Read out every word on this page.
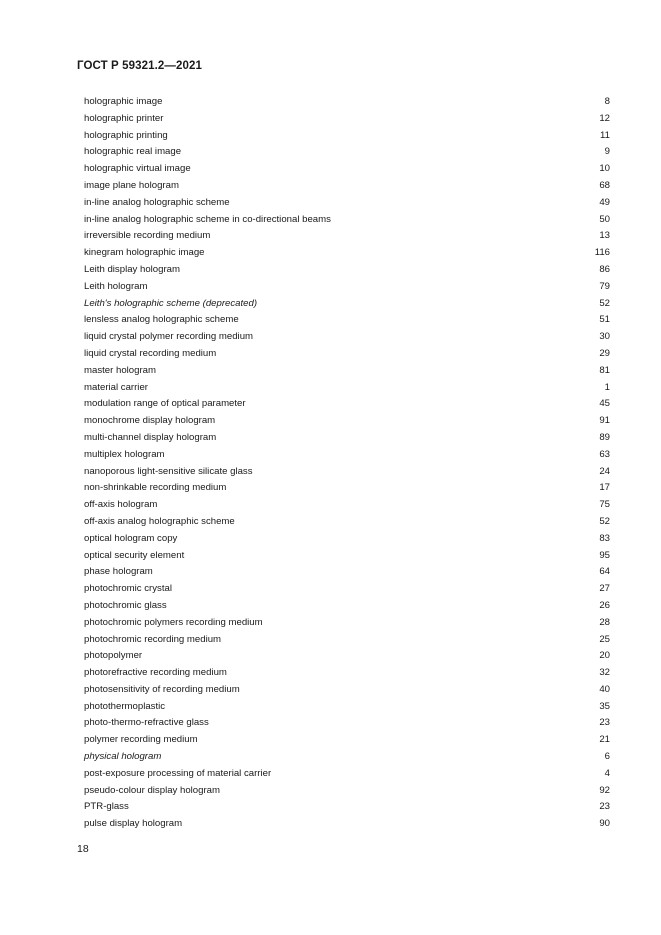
ГОСТ Р 59321.2—2021
holographic image	8
holographic printer	12
holographic printing	11
holographic real image	9
holographic virtual image	10
image plane hologram	68
in-line analog holographic scheme	49
in-line analog holographic scheme in co-directional beams	50
irreversible recording medium	13
kinegram holographic image	116
Leith display hologram	86
Leith hologram	79
Leith's holographic scheme (deprecated)	52
lensless analog holographic scheme	51
liquid crystal polymer recording medium	30
liquid crystal recording medium	29
master hologram	81
material carrier	1
modulation range of optical parameter	45
monochrome display hologram	91
multi-channel display hologram	89
multiplex hologram	63
nanoporous light-sensitive silicate glass	24
non-shrinkable recording medium	17
off-axis hologram	75
off-axis analog holographic scheme	52
optical hologram copy	83
optical security element	95
phase hologram	64
photochromic crystal	27
photochromic glass	26
photochromic polymers recording medium	28
photochromic recording medium	25
photopolymer	20
photorefractive recording medium	32
photosensitivity of recording medium	40
photothermoplastic	35
photo-thermo-refractive glass	23
polymer recording medium	21
physical hologram	6
post-exposure processing of material carrier	4
pseudo-colour display hologram	92
PTR-glass	23
pulse display hologram	90
18
